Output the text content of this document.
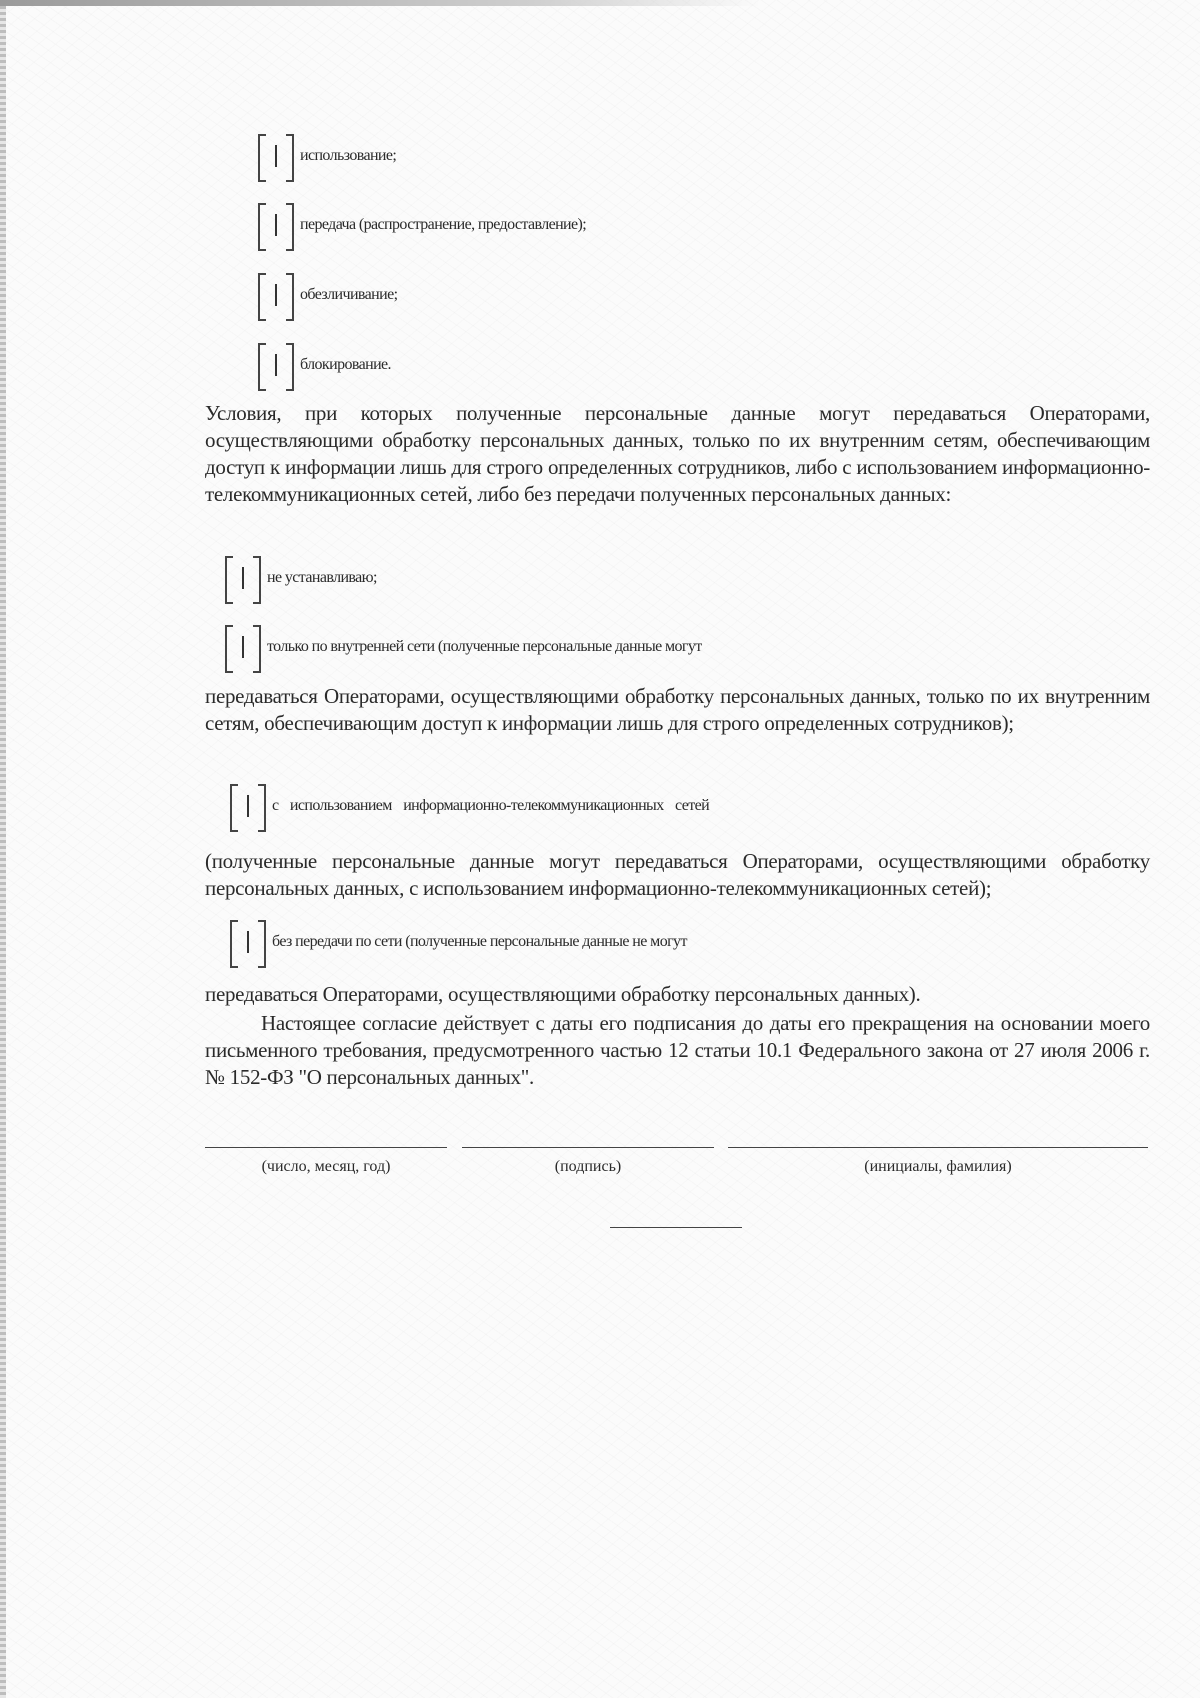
использование;
передача (распространение, предоставление);
обезличивание;
блокирование.
Условия, при которых полученные персональные данные могут передаваться Операторами, осуществляющими обработку персональных данных, только по их внутренним сетям, обеспечивающим доступ к информации лишь для строго определенных сотрудников, либо с использованием информационно-телекоммуникационных сетей, либо без передачи полученных персональных данных:
не устанавливаю;
только по внутренней сети (полученные персональные данные могут
передаваться Операторами, осуществляющими обработку персональных данных, только по их внутренним сетям, обеспечивающим доступ к информации лишь для строго определенных сотрудников);
с использованием информационно-телекоммуникационных сетей
(полученные персональные данные могут передаваться Операторами, осуществляющими обработку персональных данных, с использованием информационно-телекоммуникационных сетей);
без передачи по сети (полученные персональные данные не могут
передаваться Операторами, осуществляющими обработку персональных данных).
Настоящее согласие действует с даты его подписания до даты его прекращения на основании моего письменного требования, предусмотренного частью 12 статьи 10.1 Федерального закона от 27 июля 2006 г. № 152-ФЗ "О персональных данных".
(число, месяц, год)	(подпись)	(инициалы, фамилия)
